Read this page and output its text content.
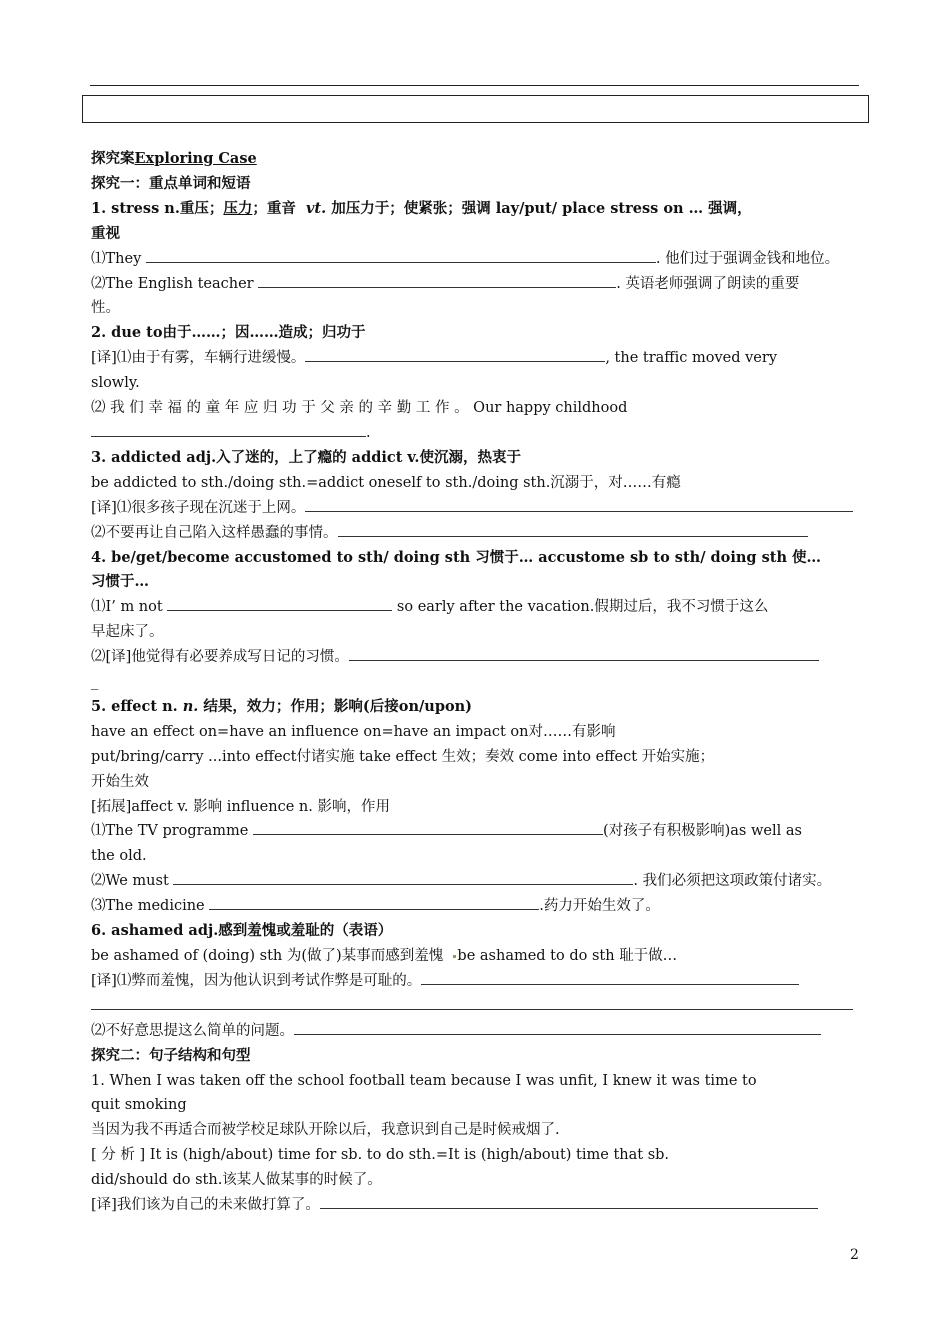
探究案Exploring Case
探究一：重点单词和短语
1. stress n.重压；压力；重音 vt. 加压力于；使紧张；强调 lay/put/ place stress on … 强调，
重视
⑴They	. 他们过于强调金钱和地位。
⑵The English teacher	. 英语老师强调了朗读的重要
性。
2. due to由于……；因……造成；归功于
[译]⑴由于有雾，车辆行进缓慢。	, the traffic moved very
slowly.
⑵ 我 们 幸 福 的 童 年 应 归 功 于 父 亲 的 辛 勤 工 作 。 Our happy childhood
.
3. addicted adj.入了迷的，上了瘾的 addict v.使沉溺，热衷于
be addicted to sth./doing sth.=addict oneself to sth./doing sth.沉溺于，对……有瘾
[译]⑴很多孩子现在沉迷于上网。
⑵不要再让自己陷入这样愚蠢的事情。
4. be/get/become accustomed to sth/ doing sth 习惯于… accustome sb to sth/ doing sth 使…
习惯于…
⑴I’ m not	so early after the vacation.假期过后，我不习惯于这么
早起床了。
⑵[译]他觉得有必要养成写日记的习惯。
_
5. effect n. n. 结果，效力；作用；影响(后接on/upon)
have an effect on=have an influence on=have an impact on对……有影响
put/bring/carry ...into effect付诸实施 take effect 生效；奏效 come into effect 开始实施；
开始生效
[拓展]affect v. 影响 influence n. 影响，作用
⑴The TV programme	(对孩子有积极影响)as well as
the old.
⑵We must	. 我们必须把这项政策付诸实。
⑶The medicine	.药力开始生效了。
6. ashamed adj.感到羞愧或羞耻的（表语）
be ashamed of (doing) sth 为(做了)某事而感到羞愧 be ashamed to do sth 耻于做…
[译]⑴弊而羞愧，因为他认识到考试作弊是可耻的。
⑵不好意思提这么简单的问题。
探究二：句子结构和句型
1. When I was taken off the school football team because I was unfit, I knew it was time to
quit smoking
当因为我不再适合而被学校足球队开除以后，我意识到自己是时候戒烟了.
[ 分 析 ] It is (high/about) time for sb. to do sth.=It is (high/about) time that sb.
did/should do sth.该某人做某事的时候了。
[译]我们该为自己的未来做打算了。
2
